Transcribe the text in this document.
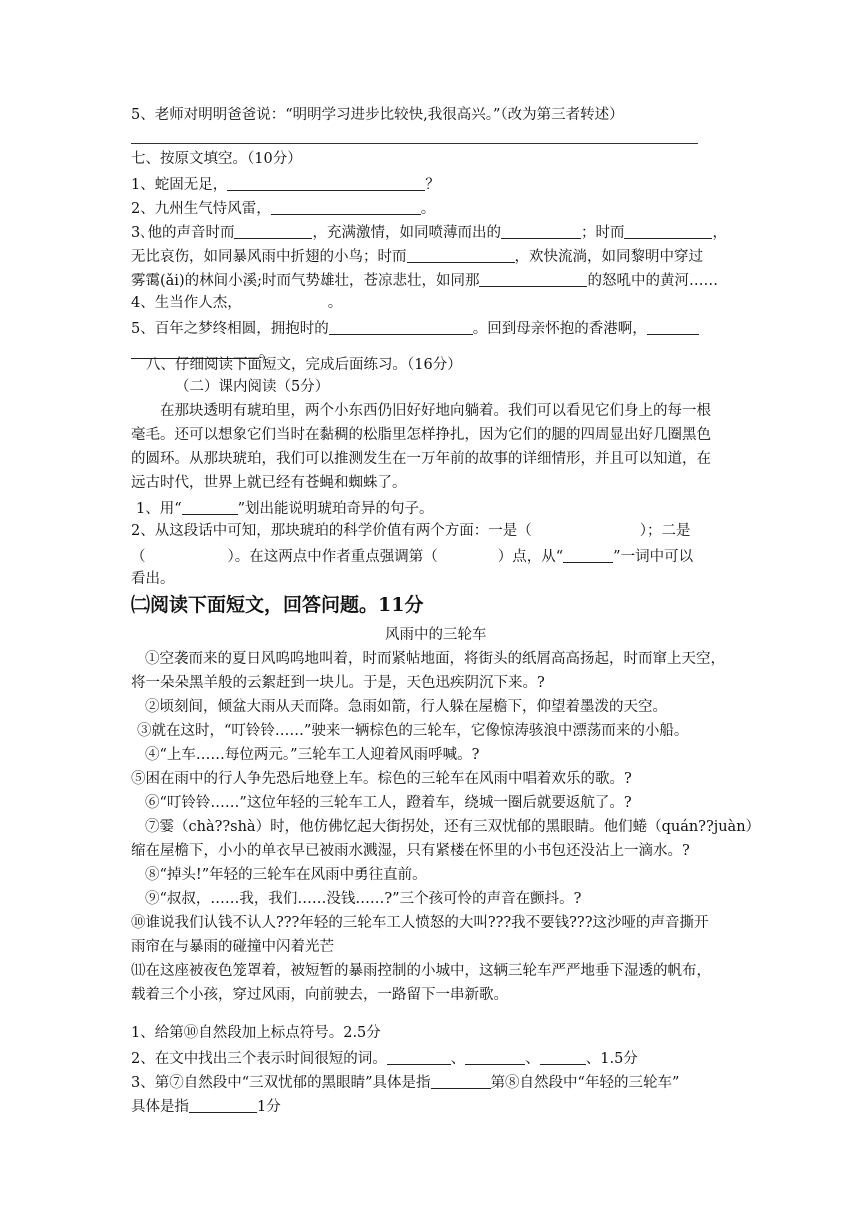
5、老师对明明爸爸说：“明明学习进步比较快,我很高兴。”（改为第三者转述）
七、按原文填空。（10分）
1、蛇固无足，	？
2、九州生气恃风雷，	。
3､他的声音时而	，充满激情，如同喷薄而出的	；时而	，
无比哀伤，如同暴风雨中折翅的小鸟；时而	，欢快流淌，如同黎明中穿过
雾霭(ǎi)的林间小溪;时而气势雄壮，苍凉悲壮，如同那	的怒吼中的黄河……
4、生当作人杰，	。
5、百年之梦终相圆，拥抱时的	。回到母亲怀抱的香港啊，
。
八、仔细阅读下面短文，完成后面练习。（16分）
（二）课内阅读（5分）
在那块透明有琥珀里，两个小东西仍旧好好地向躺着。我们可以看见它们身上的每一根
毫毛。还可以想象它们当时在黏稠的松脂里怎样挣扎，因为它们的腿的四周显出好几圈黑色
的圆环。从那块琥珀，我们可以推测发生在一万年前的故事的详细情形，并且可以知道，在
远古时代，世界上就已经有苍蝇和蜘蛛了。
1、用“	”划出能说明琥珀奇异的句子。
2、从这段话中可知，那块琥珀的科学价值有两个方面：一是（	）；二是
（	）。在这两点中作者重点强调第（	）点，从“	”一词中可以
看出。
㈡阅读下面短文，回答问题。11分
风雨中的三轮车
①空袭而来的夏日风呜呜地叫着，时而紧帖地面，将街头的纸屑高高扬起，时而窜上天空，
将一朵朵黑羊般的云絮赶到一块儿。于是，天色迅疾阴沉下来。?
②顷刻间，倾盆大雨从天而降。急雨如箭，行人躲在屋檐下，仰望着墨泼的天空。
③就在这时，“叮铃铃……”驶来一辆棕色的三轮车，它像惊涛骇浪中漂荡而来的小船。
④“上车……每位两元。”三轮车工人迎着风雨呼喊。?
⑤困在雨中的行人争先恐后地登上车。棕色的三轮车在风雨中唱着欢乐的歌。?
⑥“叮铃铃……”这位年轻的三轮车工人，蹬着车，绕城一圈后就要返航了。?
⑦霎（chà??shà）时，他仿佛忆起大街拐处，还有三双忧郁的黑眼睛。他们蜷（quán??juàn）
缩在屋檐下，小小的单衣早已被雨水溅湿，只有紧楼在怀里的小书包还没沾上一滴水。?
⑧“掉头!”年轻的三轮车在风雨中勇往直前。
⑨“叔叔，……我，我们……没钱……?”三个孩可怜的声音在颤抖。?
⑩谁说我们认钱不认人???年轻的三轮车工人愤怒的大叫???我不要钱???这沙哑的声音撕开
雨帘在与暴雨的碰撞中闪着光芒
⑾在这座被夜色笼罩着，被短暂的暴雨控制的小城中，这辆三轮车严严地垂下湿透的帆布，
载着三个小孩，穿过风雨，向前驶去，一路留下一串新歌。
1、给第⑩自然段加上标点符号。2.5分
2、在文中找出三个表示时间很短的词。	、	、	、1.5分
3、第⑦自然段中“三双忧郁的黑眼睛”具体是指	第⑧自然段中“年轻的三轮车”
具体是指	1分
